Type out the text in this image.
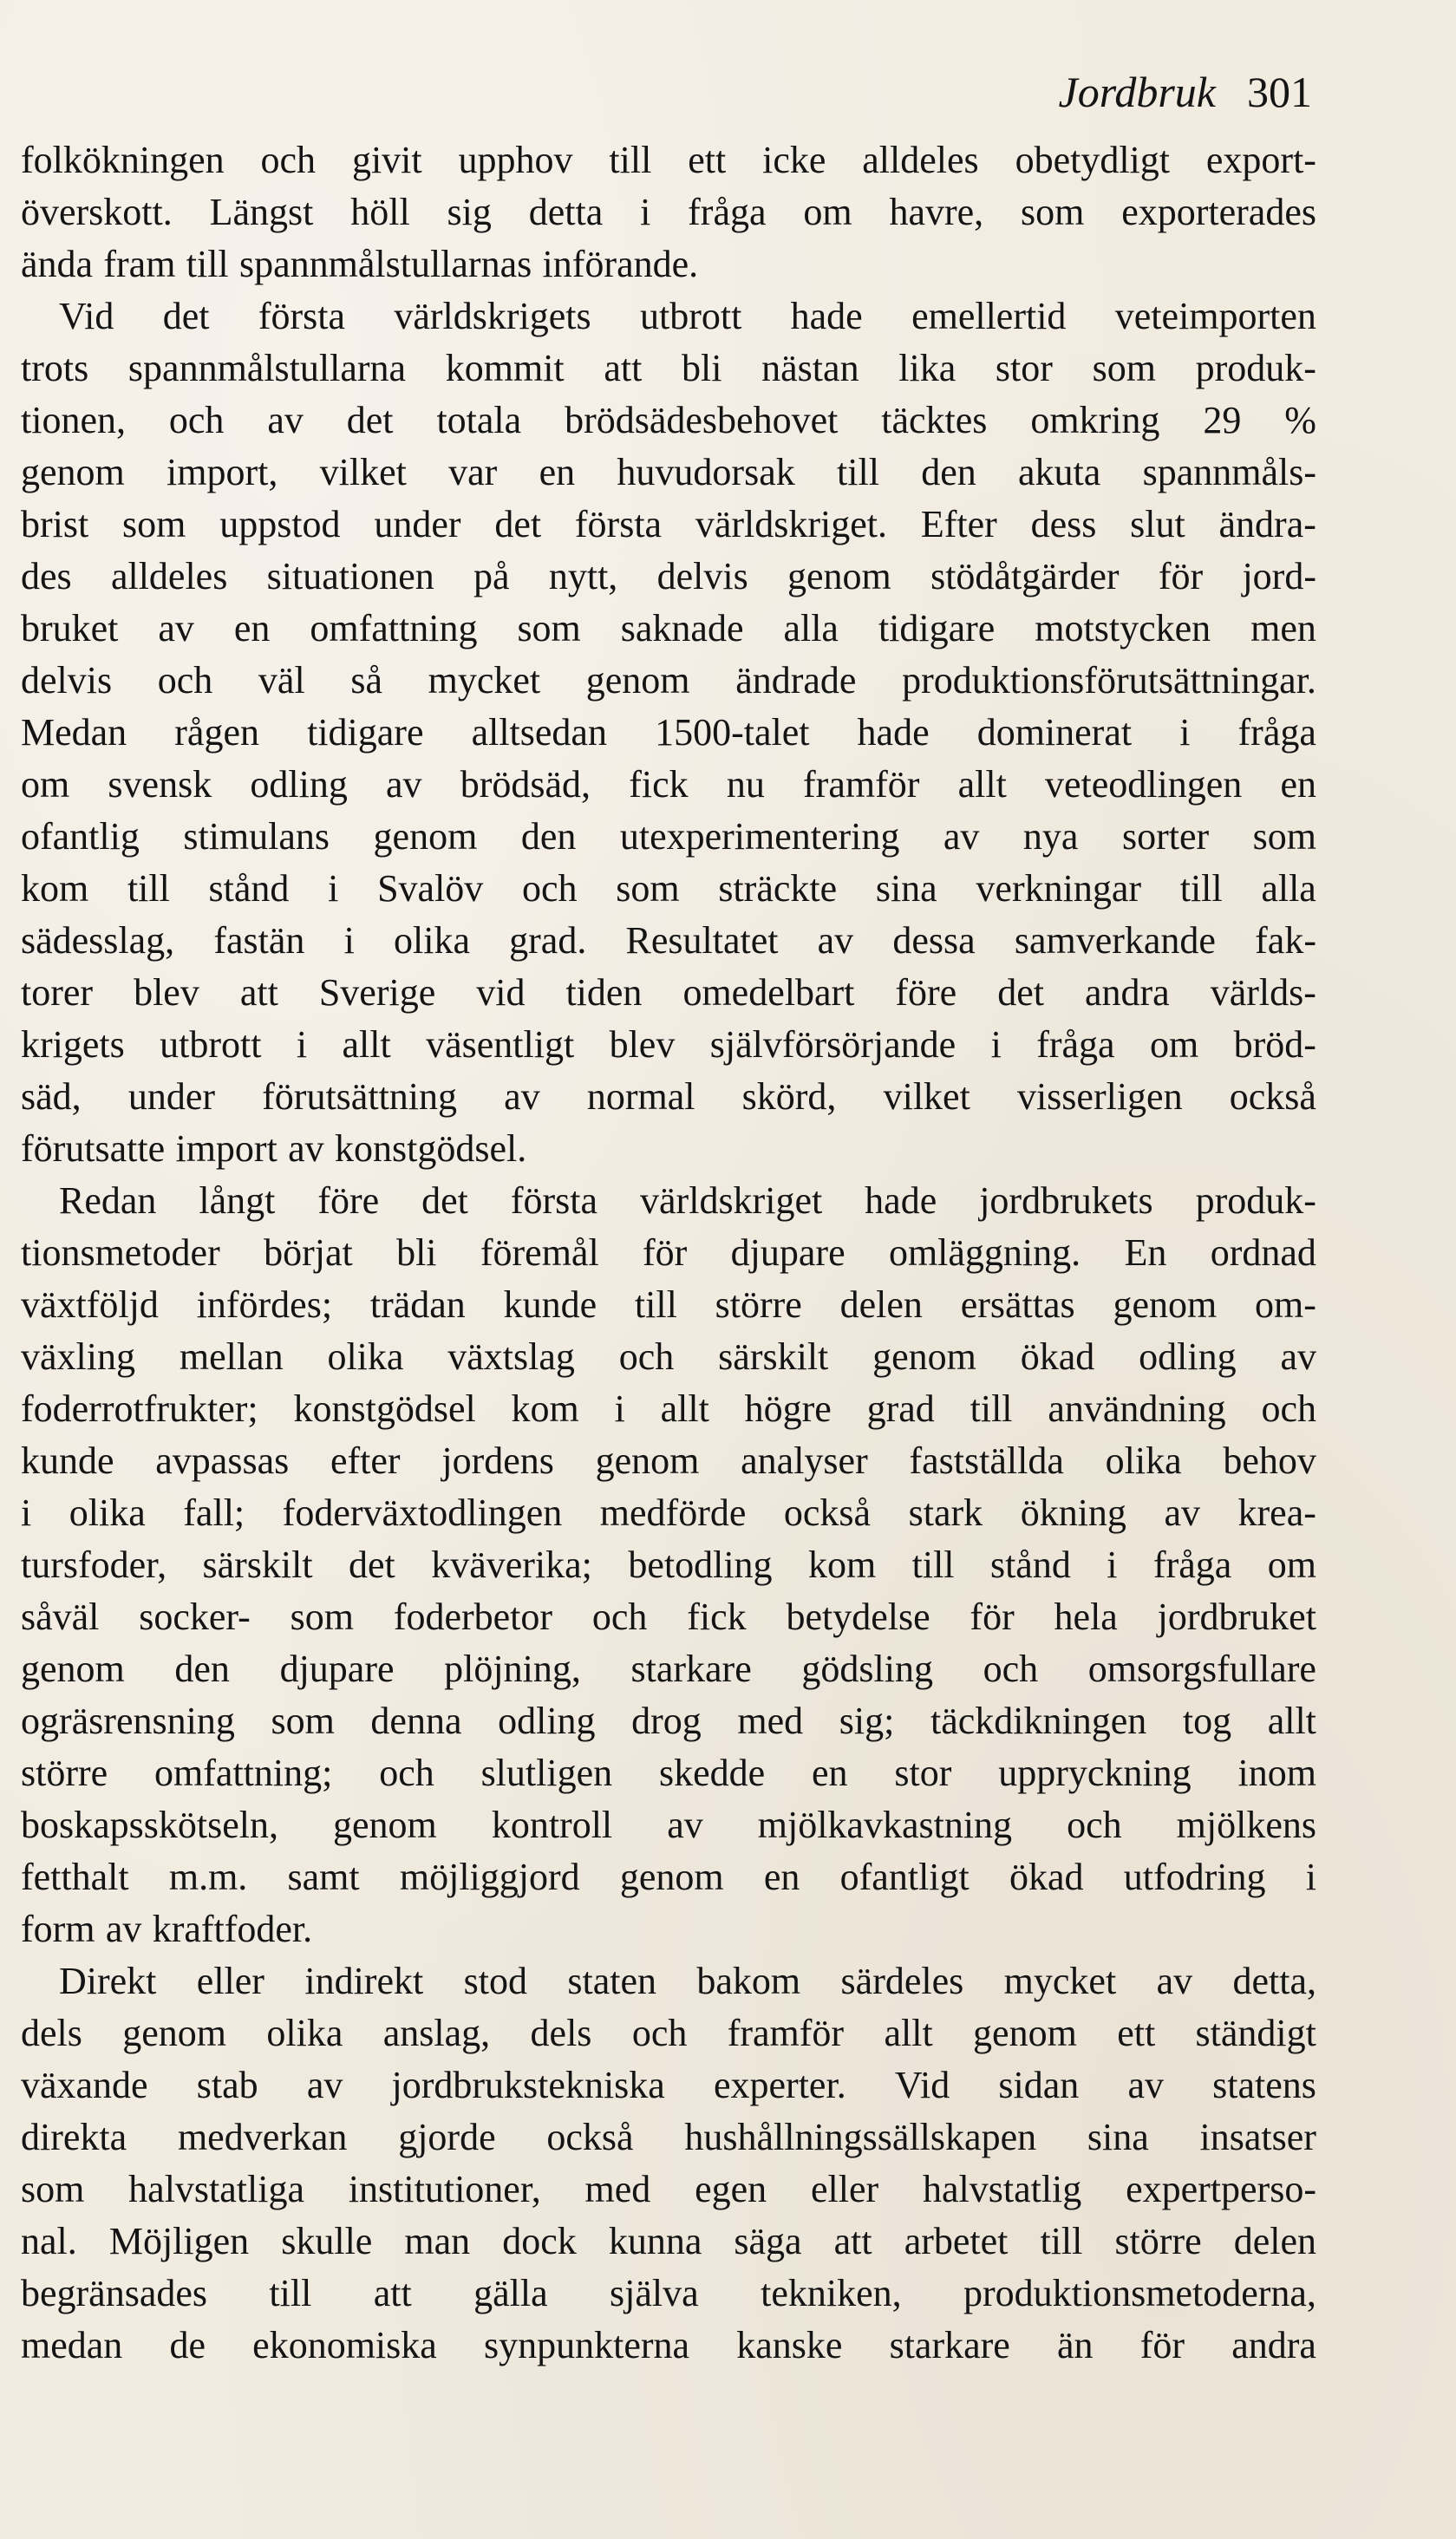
Jordbruk 301
folkökningen och givit upphov till ett icke alldeles obetydligt export-
överskott. Längst höll sig detta i fråga om havre, som exporterades
ända fram till spannmålstullarnas införande.
Vid det första världskrigets utbrott hade emellertid veteimporten
trots spannmålstullarna kommit att bli nästan lika stor som produk-
tionen, och av det totala brödsädesbehovet täcktes omkring 29 %
genom import, vilket var en huvudorsak till den akuta spannmåls-
brist som uppstod under det första världskriget. Efter dess slut ändra-
des alldeles situationen på nytt, delvis genom stödåtgärder för jord-
bruket av en omfattning som saknade alla tidigare motstycken men
delvis och väl så mycket genom ändrade produktionsförutsättningar.
Medan rågen tidigare alltsedan 1500-talet hade dominerat i fråga
om svensk odling av brödsäd, fick nu framför allt veteodlingen en
ofantlig stimulans genom den utexperimentering av nya sorter som
kom till stånd i Svalöv och som sträckte sina verkningar till alla
sädesslag, fastän i olika grad. Resultatet av dessa samverkande fak-
torer blev att Sverige vid tiden omedelbart före det andra världs-
krigets utbrott i allt väsentligt blev självförsörjande i fråga om bröd-
säd, under förutsättning av normal skörd, vilket visserligen också
förutsatte import av konstgödsel.
Redan långt före det första världskriget hade jordbrukets produk-
tionsmetoder börjat bli föremål för djupare omläggning. En ordnad
växtföljd infördes; trädan kunde till större delen ersättas genom om-
växling mellan olika växtslag och särskilt genom ökad odling av
foderrotfrukter; konstgödsel kom i allt högre grad till användning och
kunde avpassas efter jordens genom analyser fastställda olika behov
i olika fall; foderväxtodlingen medförde också stark ökning av krea-
tursfoder, särskilt det kväverika; betodling kom till stånd i fråga om
såväl socker- som foderbetor och fick betydelse för hela jordbruket
genom den djupare plöjning, starkare gödsling och omsorgsfullare
ogräsrensning som denna odling drog med sig; täckdikningen tog allt
större omfattning; och slutligen skedde en stor uppryckning inom
boskapsskötseln, genom kontroll av mjölkavkastning och mjölkens
fetthalt m.m. samt möjliggjord genom en ofantligt ökad utfodring i
form av kraftfoder.
Direkt eller indirekt stod staten bakom särdeles mycket av detta,
dels genom olika anslag, dels och framför allt genom ett ständigt
växande stab av jordbrukstekniska experter. Vid sidan av statens
direkta medverkan gjorde också hushållningssällskapen sina insatser
som halvstatliga institutioner, med egen eller halvstatlig expertperso-
nal. Möjligen skulle man dock kunna säga att arbetet till större delen
begränsades till att gälla själva tekniken, produktionsmetoderna,
medan de ekonomiska synpunkterna kanske starkare än för andra
